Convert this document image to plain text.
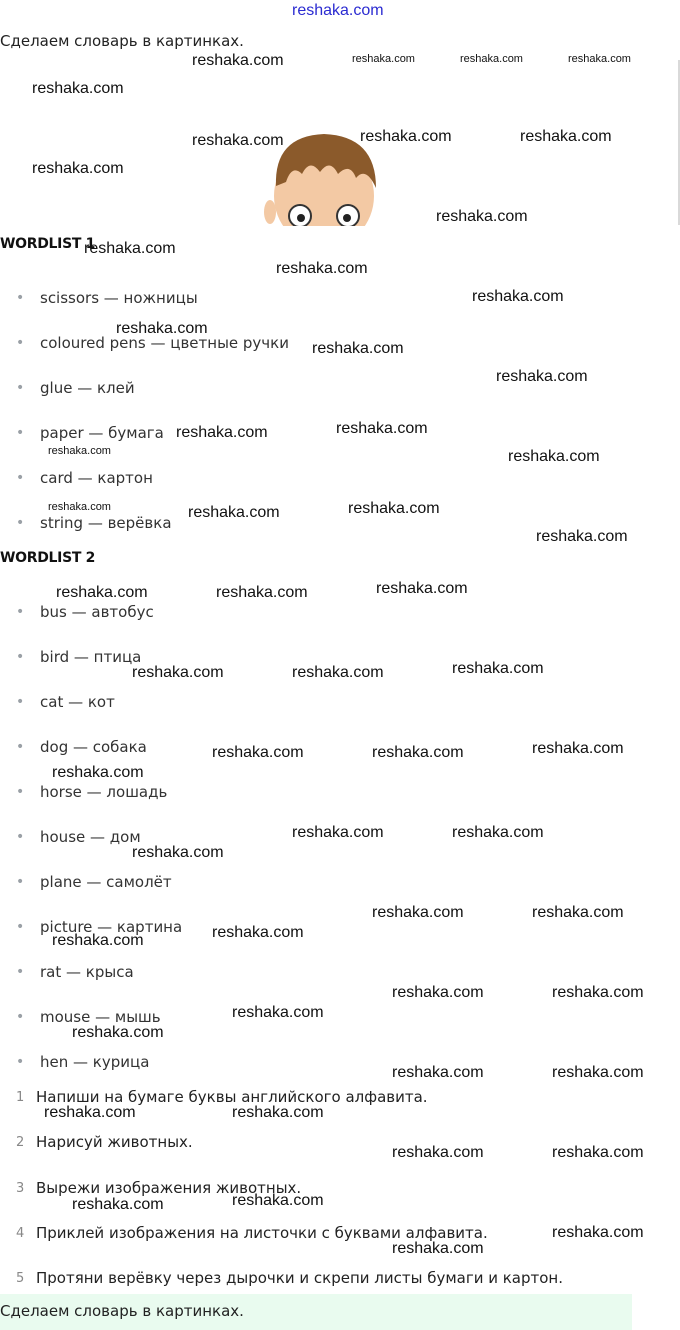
reshaka.com
Сделаем словарь в картинках.
WORDLIST 1
• scissors — ножницы
• coloured pens — цветные ручки
• glue — клей
• paper — бумага
• card — картон
• string — верёвка
WORDLIST 2
• bus — автобус
• bird — птица
• cat — кот
• dog — собака
• horse — лошадь
• house — дом
• plane — самолёт
• picture — картина
• rat — крыса
• mouse — мышь
• hen — курица
1 Напиши на бумаге буквы английского алфавита.
2 Нарисуй животных.
3 Вырежи изображения животных.
4 Приклей изображения на листочки с буквами алфавита.
5 Протяни верёвку через дырочки и скрепи листы бумаги и картон.
Сделаем словарь в картинках.
reshaka.com	reshaka.com	reshaka.com	reshaka.com
reshaka.com
reshaka.com	reshaka.com	reshaka.com
reshaka.com
reshaka.com
reshaka.com
reshaka.com
reshaka.com
reshaka.com
reshaka.com
reshaka.com
reshaka.com	reshaka.com
reshaka.com	reshaka.com
reshaka.com	reshaka.com	reshaka.com
reshaka.com
reshaka.com	reshaka.com	reshaka.com
reshaka.com	reshaka.com	reshaka.com
reshaka.com	reshaka.com	reshaka.com
reshaka.com
reshaka.com	reshaka.com
reshaka.com
reshaka.com	reshaka.com
reshaka.com
reshaka.com
reshaka.com	reshaka.com
reshaka.com
reshaka.com
reshaka.com	reshaka.com
reshaka.com	reshaka.com
reshaka.com	reshaka.com
reshaka.com
reshaka.com
reshaka.com
reshaka.com
